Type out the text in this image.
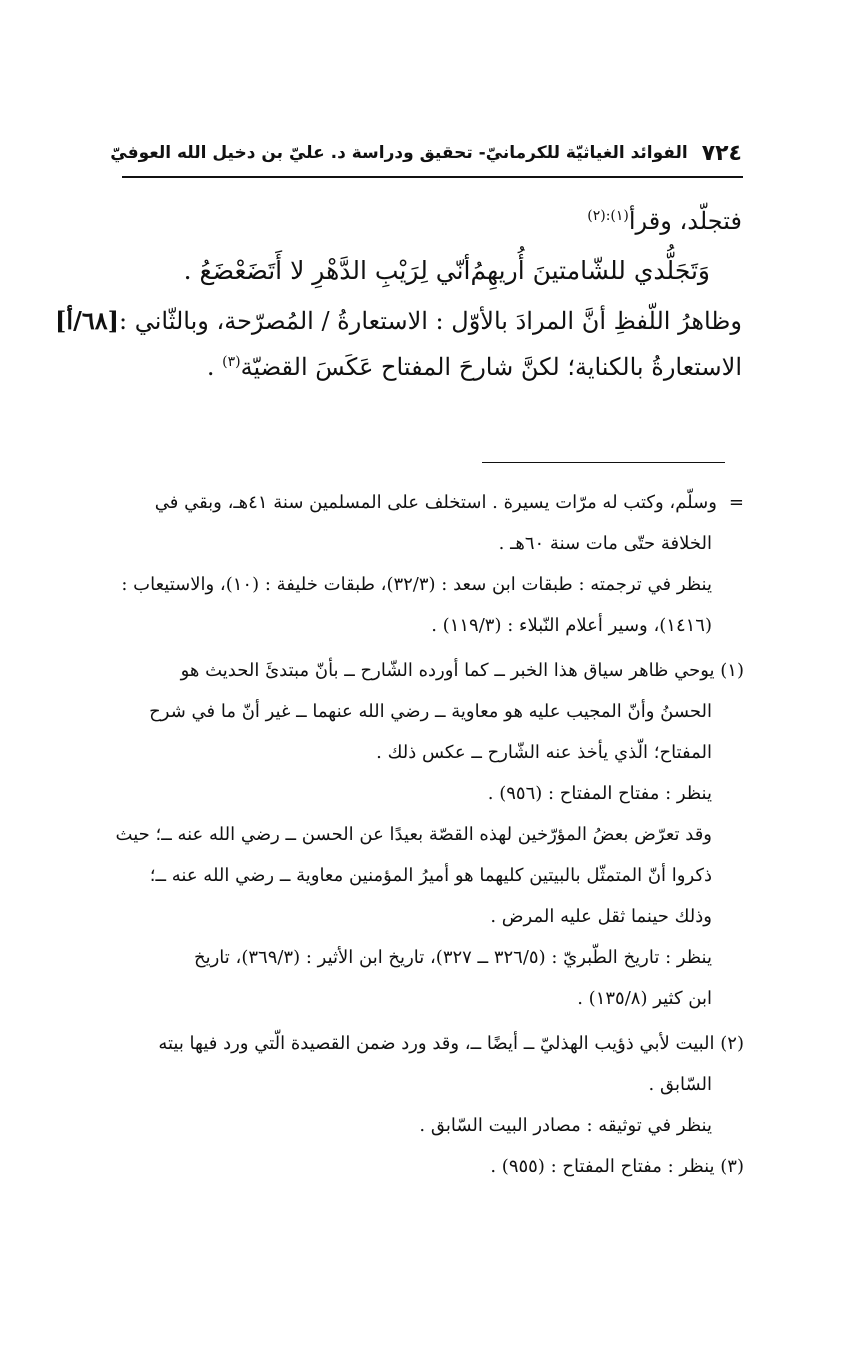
٧٢٤
الفوائد الغياثيّة للكرمانيّ- تحقيق ودراسة د. عليّ بن دخيل الله العوفيّ

فتجلّد، وقرأ$^{(١):(٢)}$

وَتَجَلُّدي للشّامتينَ أُريهِمُ
أنّي لِرَيْبِ الدَّهْرِ لا أَتَضَعْضَعُ .

وظاهرُ اللّفظِ أنَّ المرادَ بالأوّل : الاستعارةُ / المُصرّحة، وبالثّاني :[٦٨/أ]

الاستعارةُ بالكناية؛ لكنَّ شارحَ المفتاح عَكَسَ القضيّة$^{(٣)}$ .

=وسلّم، وكتب له مرّات يسيرة . استخلف على المسلمين سنة ٤١هـ، وبقي في
الخلافة حتّى مات سنة ٦٠هـ .
ينظر في ترجمته : طبقات ابن سعد : (٣٢/٣)، طبقات خليفة : (١٠)، والاستيعاب :
(١٤١٦)، وسير أعلام النّبلاء : (١١٩/٣) .
(١) يوحي ظاهر سياق هذا الخبر ــ كما أورده الشّارح ــ بأنّ مبتدئَ الحديث هو
الحسنُ وأنّ المجيب عليه هو معاوية ــ رضي الله عنهما ــ غير أنّ ما في شرح
المفتاح؛ الّذي يأخذ عنه الشّارح ــ عكس ذلك .
ينظر : مفتاح المفتاح : (٩٥٦) .
وقد تعرّض بعضُ المؤرّخين لهذه القصّة بعيدًا عن الحسن ــ رضي الله عنه ــ؛ حيث
ذكروا أنّ المتمثّل بالبيتين كليهما هو أميرُ المؤمنين معاوية ــ رضي الله عنه ــ؛
وذلك حينما ثقل عليه المرض .
ينظر : تاريخ الطّبريّ : (٣٢٦/٥ ــ ٣٢٧)، تاريخ ابن الأثير : (٣٦٩/٣)، تاريخ
ابن كثير (١٣٥/٨) .
(٢) البيت لأبي ذؤيب الهذليّ ــ أيضًا ــ، وقد ورد ضمن القصيدة الّتي ورد فيها بيته
السّابق .
ينظر في توثيقه : مصادر البيت السّابق .
(٣) ينظر : مفتاح المفتاح : (٩٥٥) .
